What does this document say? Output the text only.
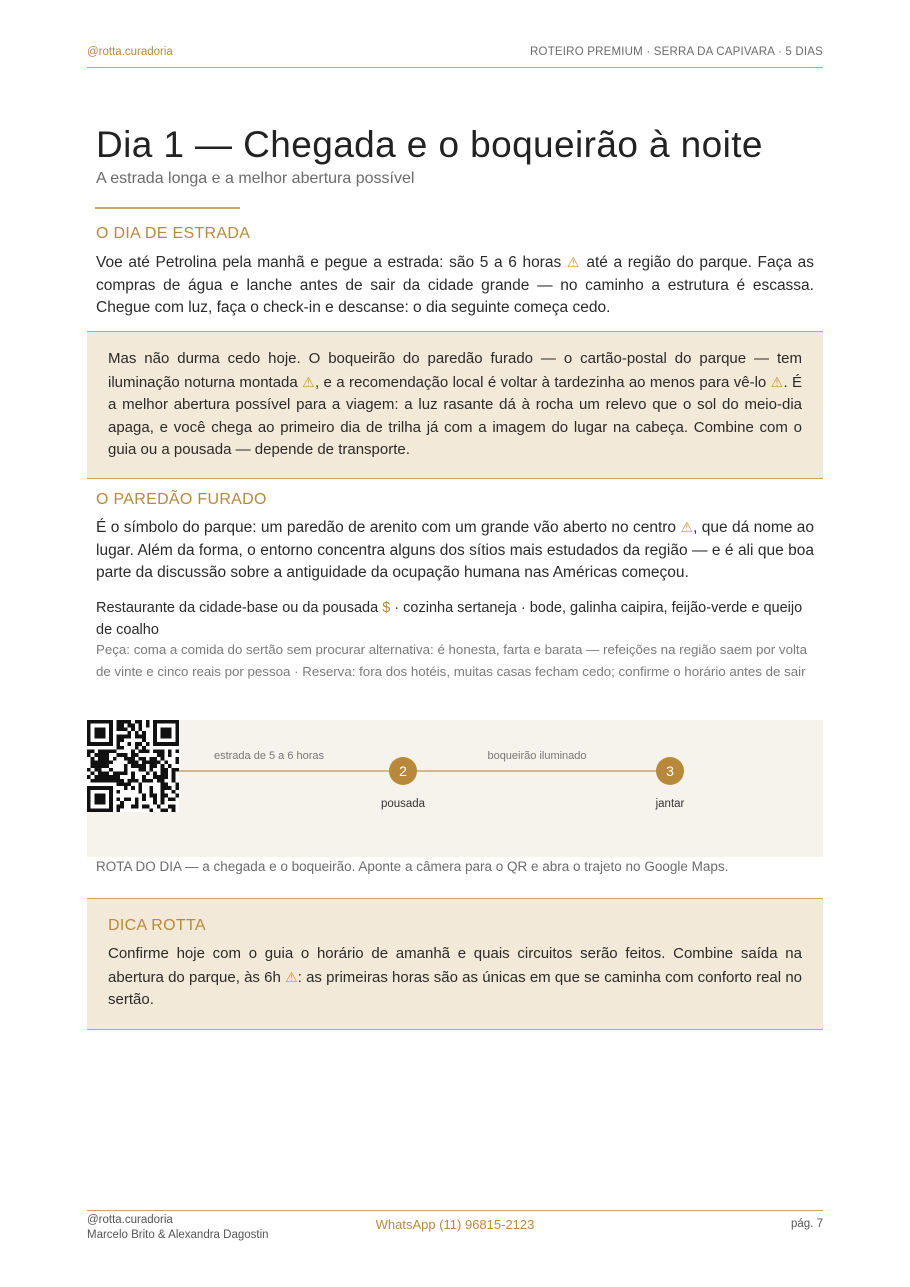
@rotta.curadoria	ROTEIRO PREMIUM · SERRA DA CAPIVARA · 5 DIAS
Dia 1 — Chegada e o boqueirão à noite
A estrada longa e a melhor abertura possível
O DIA DE ESTRADA
Voe até Petrolina pela manhã e pegue a estrada: são 5 a 6 horas ⚠ até a região do parque. Faça as compras de água e lanche antes de sair da cidade grande — no caminho a estrutura é escassa. Chegue com luz, faça o check-in e descanse: o dia seguinte começa cedo.
Mas não durma cedo hoje. O boqueirão do paredão furado — o cartão-postal do parque — tem iluminação noturna montada ⚠, e a recomendação local é voltar à tardezinha ao menos para vê-lo ⚠. É a melhor abertura possível para a viagem: a luz rasante dá à rocha um relevo que o sol do meio-dia apaga, e você chega ao primeiro dia de trilha já com a imagem do lugar na cabeça. Combine com o guia ou a pousada — depende de transporte.
O PAREDÃO FURADO
É o símbolo do parque: um paredão de arenito com um grande vão aberto no centro ⚠, que dá nome ao lugar. Além da forma, o entorno concentra alguns dos sítios mais estudados da região — e é ali que boa parte da discussão sobre a antiguidade da ocupação humana nas Américas começou.
Restaurante da cidade-base ou da pousada $ · cozinha sertaneja · bode, galinha caipira, feijão-verde e queijo de coalho
Peça: coma a comida do sertão sem procurar alternativa: é honesta, farta e barata — refeições na região saem por volta de vinte e cinco reais por pessoa · Reserva: fora dos hotéis, muitas casas fecham cedo; confirme o horário antes de sair
estrada de 5 a 6 horas	boqueirão iluminado
2
pousada
3
jantar
ROTA DO DIA — a chegada e o boqueirão. Aponte a câmera para o QR e abra o trajeto no Google Maps.
DICA ROTTA
Confirme hoje com o guia o horário de amanhã e quais circuitos serão feitos. Combine saída na abertura do parque, às 6h ⚠: as primeiras horas são as únicas em que se caminha com conforto real no sertão.
@rotta.curadoria
Marcelo Brito & Alexandra Dagostin
WhatsApp (11) 96815-2123	pág. 7
